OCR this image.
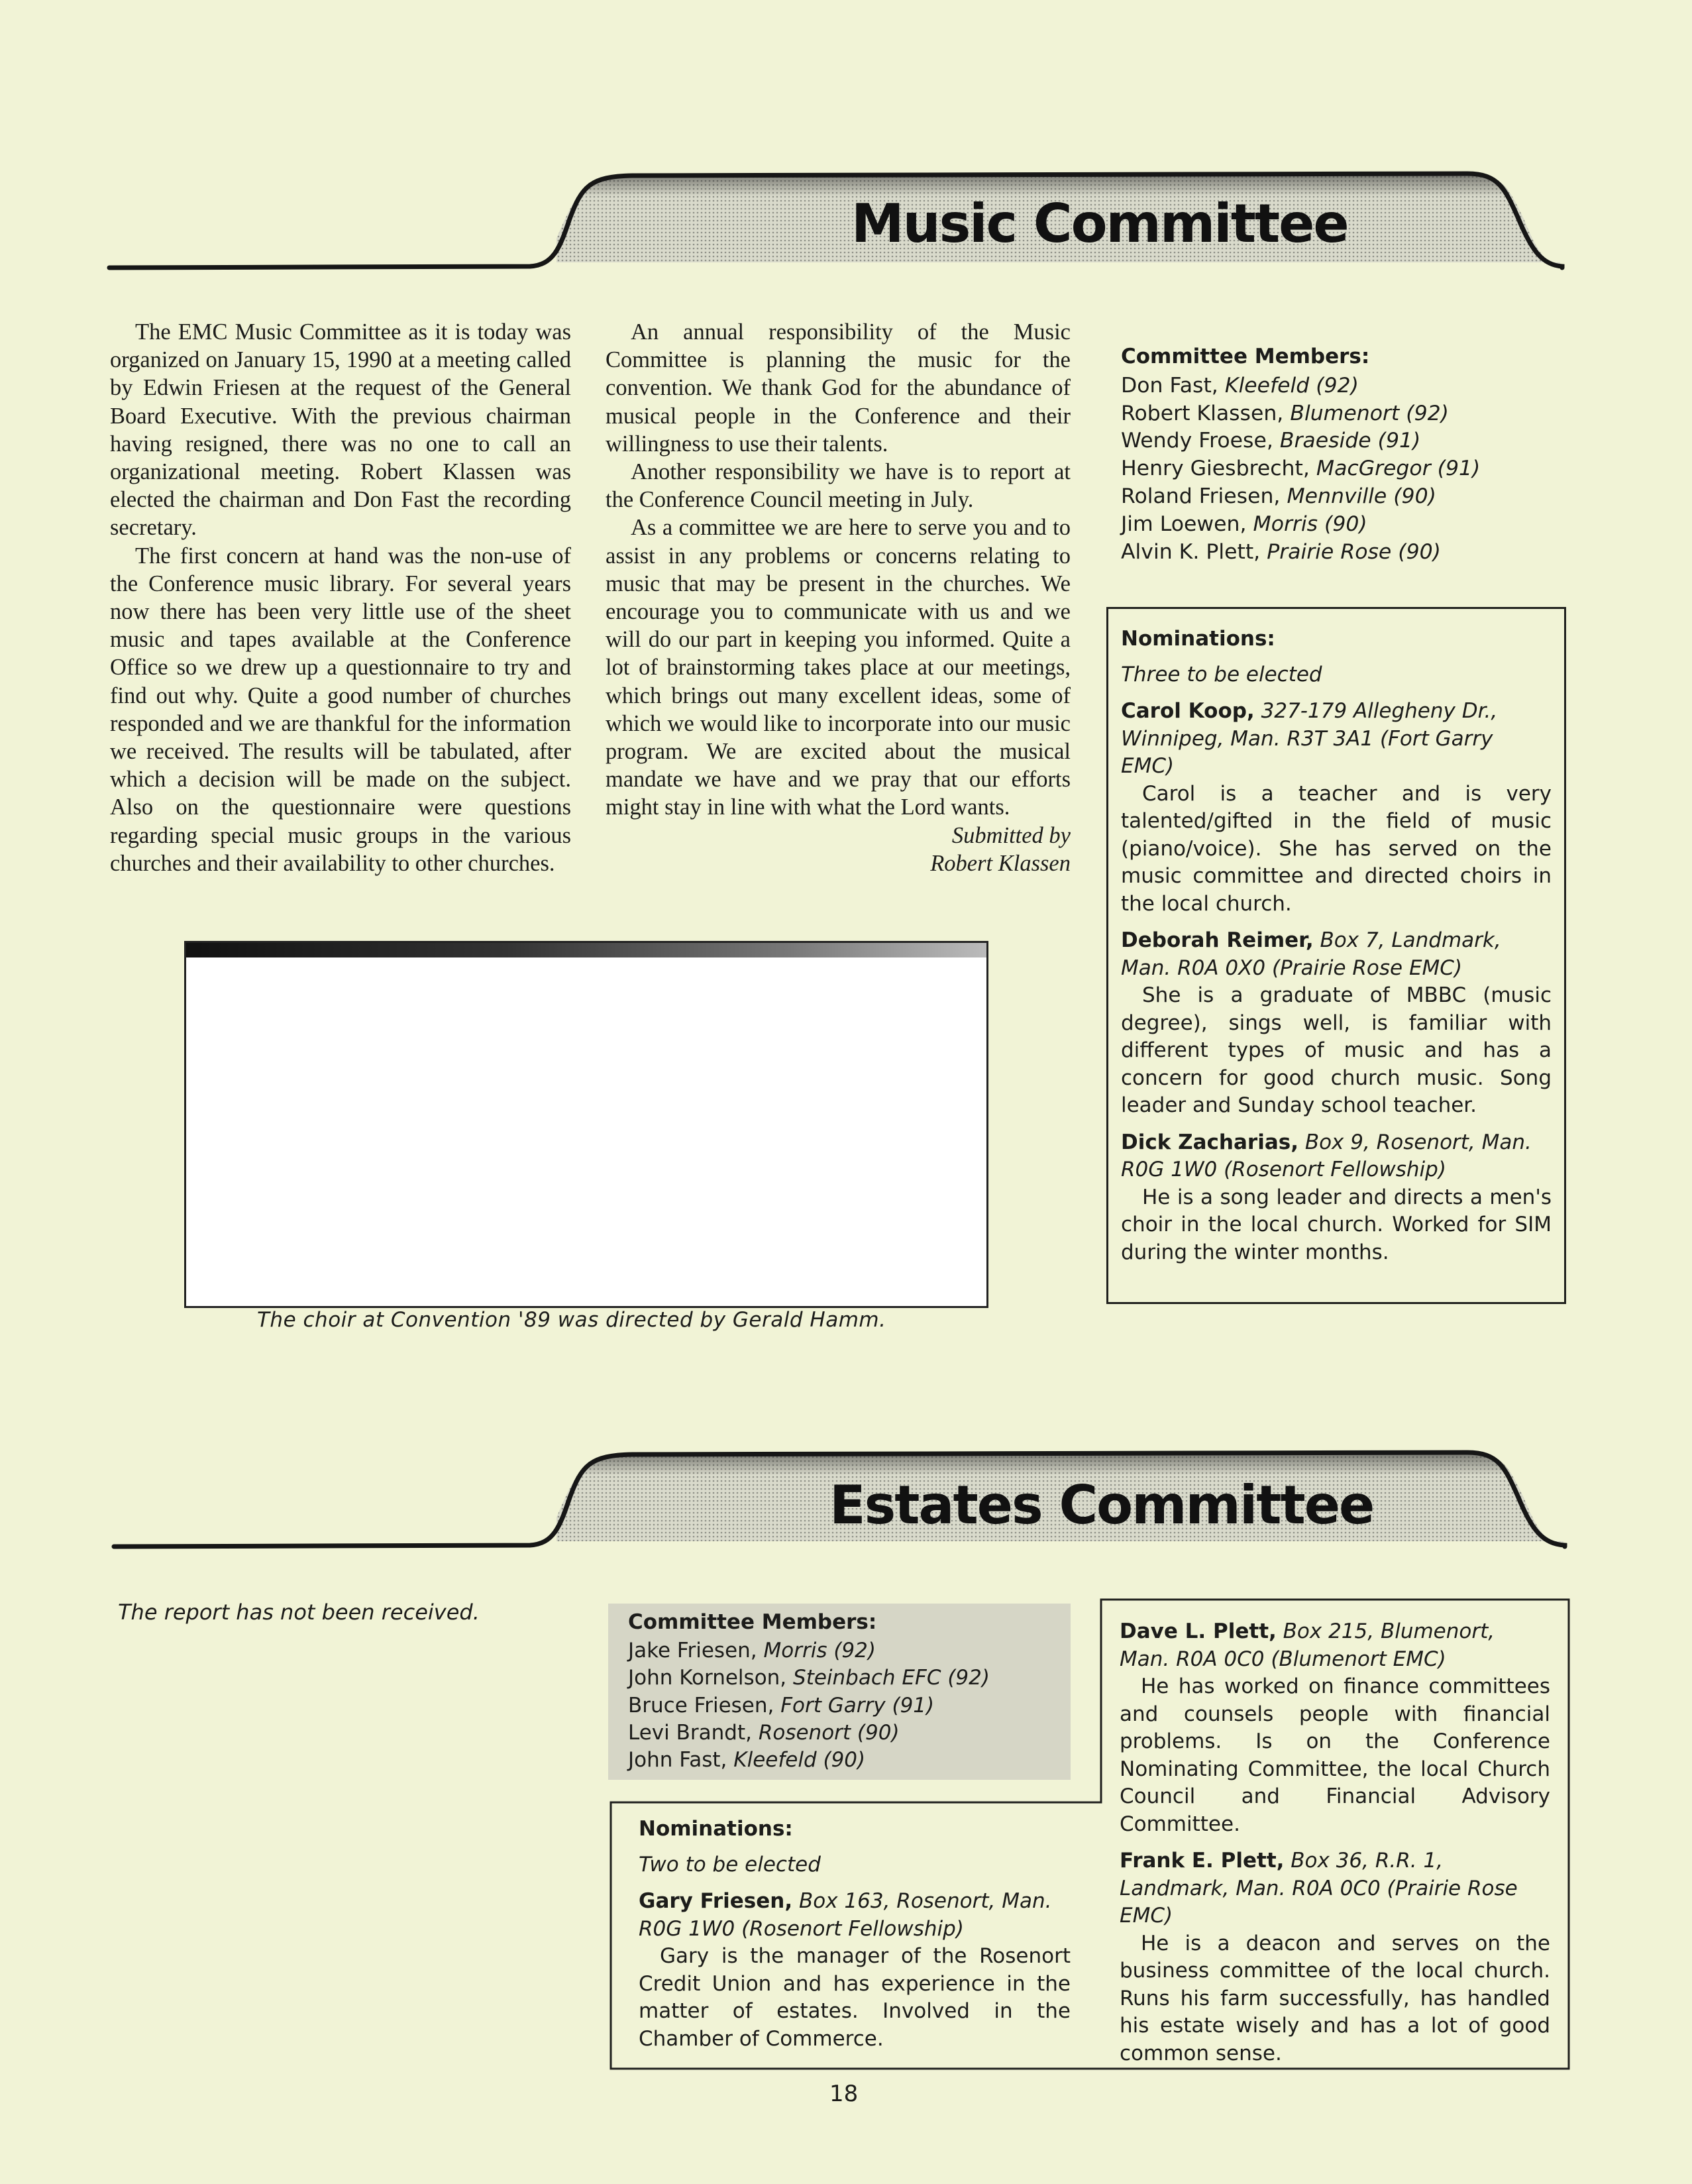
Music Committee
Estates Committee

The EMC Music Committee as it is today was organized on January 15, 1990 at a meeting called by Edwin Friesen at the request of the General Board Executive. With the previous chairman having resigned, there was no one to call an organizational meeting. Robert Klassen was elected the chairman and Don Fast the recording secretary.

The first concern at hand was the non-use of the Conference music library. For several years now there has been very little use of the sheet music and tapes available at the Conference Office so we drew up a questionnaire to try and find out why. Quite a good number of churches responded and we are thankful for the information we received. The results will be tabulated, after which a decision will be made on the subject. Also on the questionnaire were questions regarding special music groups in the various churches and their availability to other churches.

An annual responsibility of the Music Committee is planning the music for the convention. We thank God for the abundance of musical people in the Conference and their willingness to use their talents.

Another responsibility we have is to report at the Conference Council meeting in July.

As a committee we are here to serve you and to assist in any problems or concerns relating to music that may be present in the churches. We encourage you to communicate with us and we will do our part in keeping you informed. Quite a lot of brainstorming takes place at our meetings, which brings out many excellent ideas, some of which we would like to incorporate into our music program. We are excited about the musical mandate we have and we pray that our efforts might stay in line with what the Lord wants.

Submitted by
Robert Klassen
Committee Members:
Don Fast, Kleefeld (92)
Robert Klassen, Blumenort (92)
Wendy Froese, Braeside (91)
Henry Giesbrecht, MacGregor (91)
Roland Friesen, Mennville (90)
Jim Loewen, Morris (90)
Alvin K. Plett, Prairie Rose (90)
Nominations:
Three to be elected
Carol Koop, 327-179 Allegheny Dr., Winnipeg, Man. R3T 3A1 (Fort Garry EMC)
Carol is a teacher and is very talented/gifted in the field of music (piano/voice). She has served on the music committee and directed choirs in the local church.
Deborah Reimer, Box 7, Landmark, Man. R0A 0X0 (Prairie Rose EMC)
She is a graduate of MBBC (music degree), sings well, is familiar with different types of music and has a concern for good church music. Song leader and Sunday school teacher.
Dick Zacharias, Box 9, Rosenort, Man. R0G 1W0 (Rosenort Fellowship)
He is a song leader and directs a men's choir in the local church. Worked for SIM during the winter months.
The choir at Convention '89 was directed by Gerald Hamm.
The report has not been received.	Committee Members:
Jake Friesen, Morris (92)
John Kornelson, Steinbach EFC (92)
Bruce Friesen, Fort Garry (91)
Levi Brandt, Rosenort (90)
John Fast, Kleefeld (90)
Nominations:
Two to be elected
Gary Friesen, Box 163, Rosenort, Man. R0G 1W0 (Rosenort Fellowship)
Gary is the manager of the Rosenort Credit Union and has experience in the matter of estates. Involved in the Chamber of Commerce.
Dave L. Plett, Box 215, Blumenort, Man. R0A 0C0 (Blumenort EMC)
He has worked on finance committees and counsels people with financial problems. Is on the Conference Nominating Committee, the local Church Council and Financial Advisory Committee.
Frank E. Plett, Box 36, R.R. 1, Landmark, Man. R0A 0C0 (Prairie Rose EMC)
He is a deacon and serves on the business committee of the local church. Runs his farm successfully, has handled his estate wisely and has a lot of good common sense.
18
